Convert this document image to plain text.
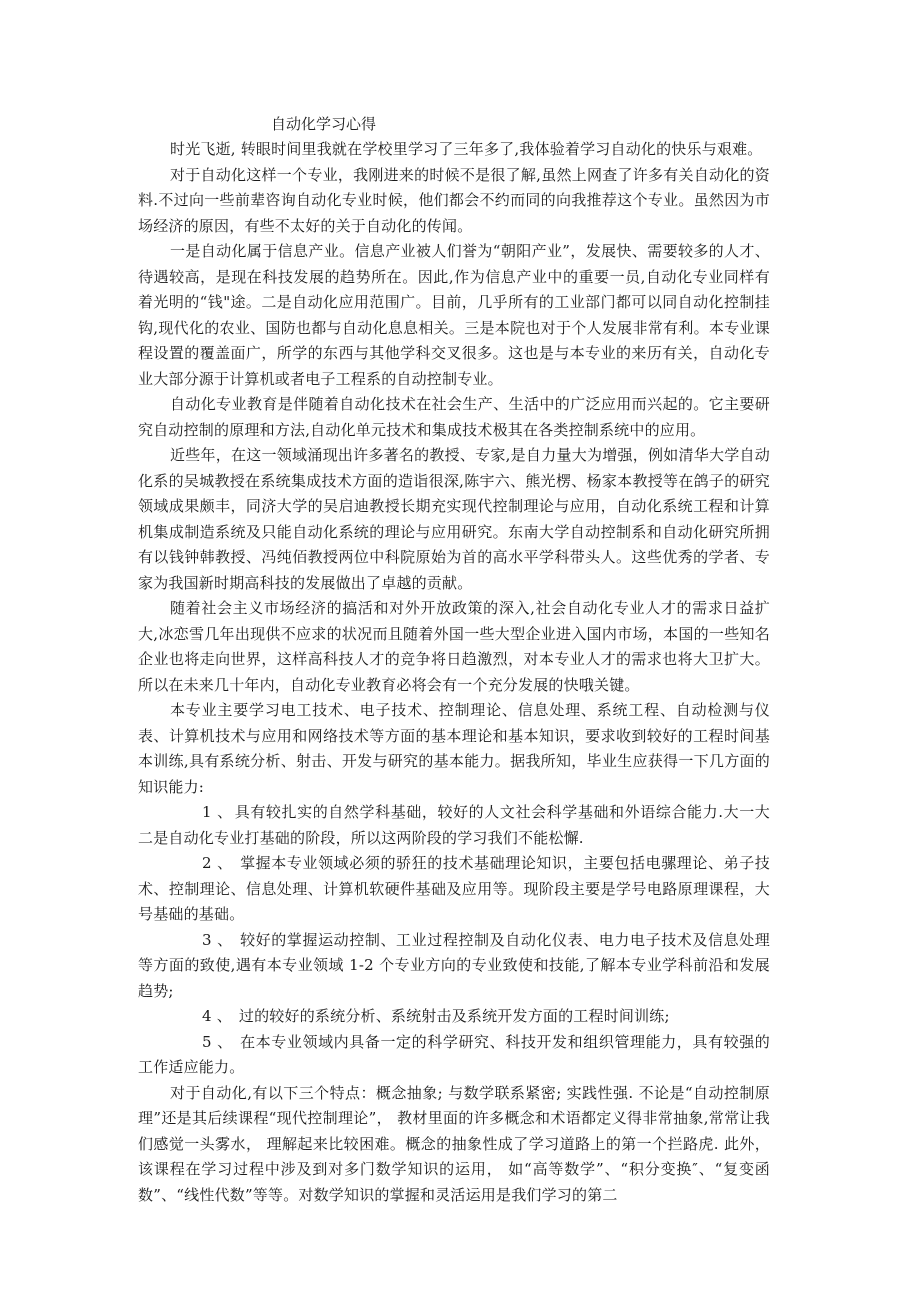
自动化学习心得

时光飞逝, 转眼时间里我就在学校里学习了三年多了,我体验着学习自动化的快乐与艰难。

对于自动化这样一个专业，我刚进来的时候不是很了解,虽然上网查了许多有关自动化的资料.不过向一些前辈咨询自动化专业时候，他们都会不约而同的向我推荐这个专业。虽然因为市场经济的原因，有些不太好的关于自动化的传闻。

一是自动化属于信息产业。信息产业被人们誉为“朝阳产业”，发展快、需要较多的人才、待遇较高，是现在科技发展的趋势所在。因此,作为信息产业中的重要一员,自动化专业同样有着光明的“钱"途。二是自动化应用范围广。目前，几乎所有的工业部门都可以同自动化控制挂钩,现代化的农业、国防也都与自动化息息相关。三是本院也对于个人发展非常有利。本专业课程设置的覆盖面广，所学的东西与其他学科交叉很多。这也是与本专业的来历有关，自动化专业大部分源于计算机或者电子工程系的自动控制专业。

自动化专业教育是伴随着自动化技术在社会生产、生活中的广泛应用而兴起的。它主要研究自动控制的原理和方法,自动化单元技术和集成技术极其在各类控制系统中的应用。

近些年，在这一领域涌现出许多著名的教授、专家,是自力量大为增强，例如清华大学自动化系的吴城教授在系统集成技术方面的造诣很深,陈宇六、熊光楞、杨家本教授等在鸽子的研究领域成果颇丰，同济大学的吴启迪教授长期充实现代控制理论与应用，自动化系统工程和计算机集成制造系统及只能自动化系统的理论与应用研究。东南大学自动控制系和自动化研究所拥有以钱钟韩教授、冯纯佰教授两位中科院原始为首的高水平学科带头人。这些优秀的学者、专家为我国新时期高科技的发展做出了卓越的贡献。

随着社会主义市场经济的搞活和对外开放政策的深入,社会自动化专业人才的需求日益扩大,冰恋雪几年出现供不应求的状况而且随着外国一些大型企业进入国内市场，本国的一些知名企业也将走向世界，这样高科技人才的竞争将日趋激烈，对本专业人才的需求也将大卫扩大。所以在未来几十年内，自动化专业教育必将会有一个充分发展的快哦关键。

本专业主要学习电工技术、电子技术、控制理论、信息处理、系统工程、自动检测与仪表、计算机技术与应用和网络技术等方面的基本理论和基本知识，要求收到较好的工程时间基本训练,具有系统分析、射击、开发与研究的基本能力。据我所知，毕业生应获得一下几方面的知识能力:

1 、 具有较扎实的自然学科基础，较好的人文社会科学基础和外语综合能力.大一大二是自动化专业打基础的阶段，所以这两阶段的学习我们不能松懈.

2 、 掌握本专业领域必须的骄狂的技术基础理论知识，主要包括电骡理论、弟子技术、控制理论、信息处理、计算机软硬件基础及应用等。现阶段主要是学号电路原理课程，大号基础的基础。

3 、 较好的掌握运动控制、工业过程控制及自动化仪表、电力电子技术及信息处理等方面的致使,遇有本专业领域 1-2 个专业方向的专业致使和技能,了解本专业学科前沿和发展趋势;

4 、 过的较好的系统分析、系统射击及系统开发方面的工程时间训练;

5 、 在本专业领域内具备一定的科学研究、科技开发和组织管理能力，具有较强的工作适应能力。

对于自动化,有以下三个特点：概念抽象; 与数学联系紧密; 实践性强. 不论是“自动控制原理”还是其后续课程“现代控制理论”， 教材里面的许多概念和术语都定义得非常抽象,常常让我们感觉一头雾水， 理解起来比较困难。概念的抽象性成了学习道路上的第一个拦路虎. 此外， 该课程在学习过程中涉及到对多门数学知识的运用， 如“高等数学”、“积分变换″、“复变函数”、“线性代数”等等。对数学知识的掌握和灵活运用是我们学习的第二
